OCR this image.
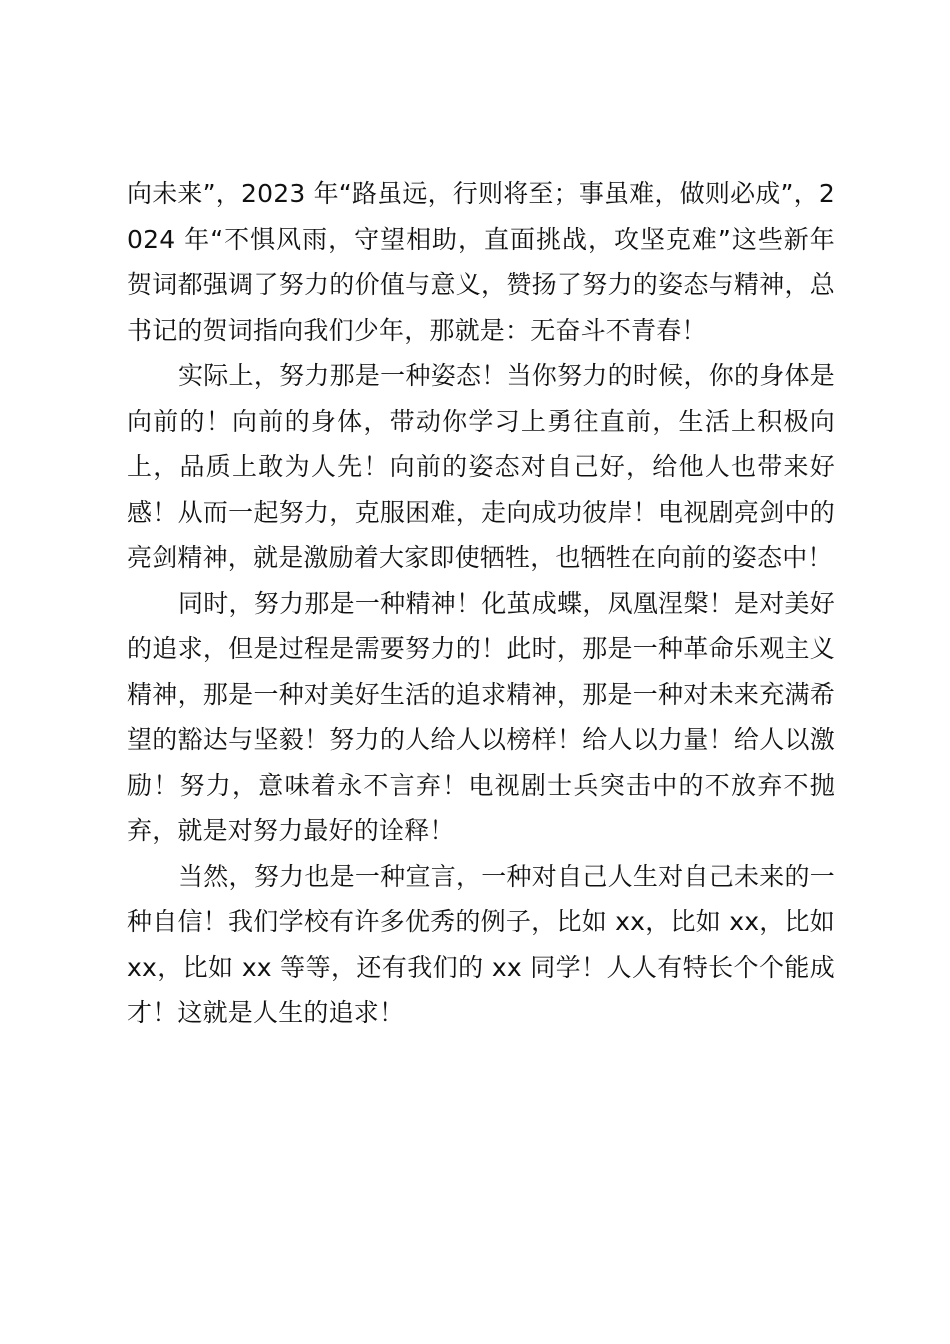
向未来”，2023 年“路虽远，行则将至；事虽难，做则必成”，2024 年“不惧风雨，守望相助，直面挑战，攻坚克难”这些新年贺词都强调了努力的价值与意义，赞扬了努力的姿态与精神，总书记的贺词指向我们少年，那就是：无奋斗不青春！

实际上，努力那是一种姿态！当你努力的时候，你的身体是向前的！向前的身体，带动你学习上勇往直前，生活上积极向上，品质上敢为人先！向前的姿态对自己好，给他人也带来好感！从而一起努力，克服困难，走向成功彼岸！电视剧亮剑中的亮剑精神，就是激励着大家即使牺牲，也牺牲在向前的姿态中！

同时，努力那是一种精神！化茧成蝶，凤凰涅槃！是对美好的追求，但是过程是需要努力的！此时，那是一种革命乐观主义精神，那是一种对美好生活的追求精神，那是一种对未来充满希望的豁达与坚毅！努力的人给人以榜样！给人以力量！给人以激励！努力，意味着永不言弃！电视剧士兵突击中的不放弃不抛弃，就是对努力最好的诠释！

当然，努力也是一种宣言，一种对自己人生对自己未来的一种自信！我们学校有许多优秀的例子，比如 xx，比如 xx，比如 xx，比如 xx 等等，还有我们的 xx 同学！人人有特长个个能成才！这就是人生的追求！
